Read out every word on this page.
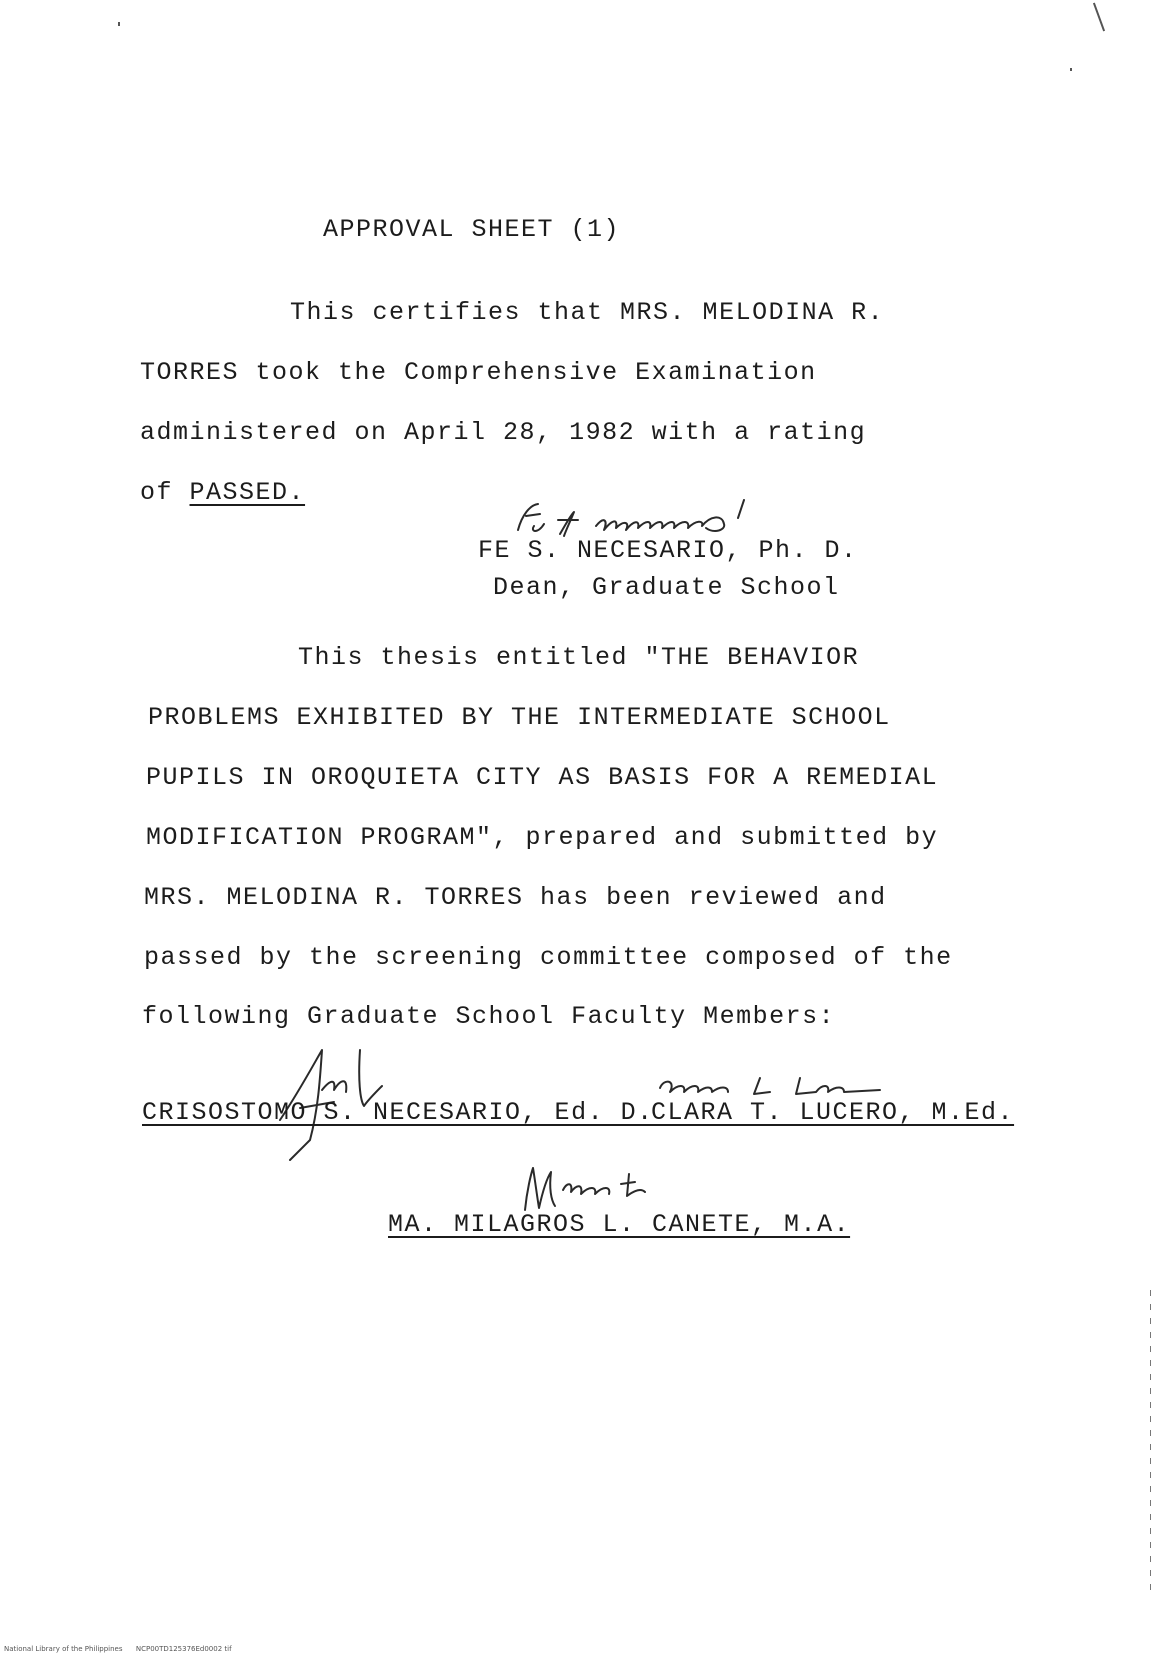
APPROVAL SHEET (1)
This certifies that MRS. MELODINA R.
TORRES took the Comprehensive Examination
administered on April 28, 1982 with a rating
of PASSED.
FE S. NECESARIO, Ph. D.
Dean, Graduate School
This thesis entitled "THE BEHAVIOR
PROBLEMS EXHIBITED BY THE INTERMEDIATE SCHOOL
PUPILS IN OROQUIETA CITY AS BASIS FOR A REMEDIAL
MODIFICATION PROGRAM", prepared and submitted by
MRS. MELODINA R. TORRES has been reviewed and
passed by the screening committee composed of the
following Graduate School Faculty Members:
CRISOSTOMO S. NECESARIO, Ed. D.
CLARA T. LUCERO, M.Ed.
MA. MILAGROS L. CANETE, M.A.
National Library of the Philippines      NCP00TD125376Ed0002 tif
